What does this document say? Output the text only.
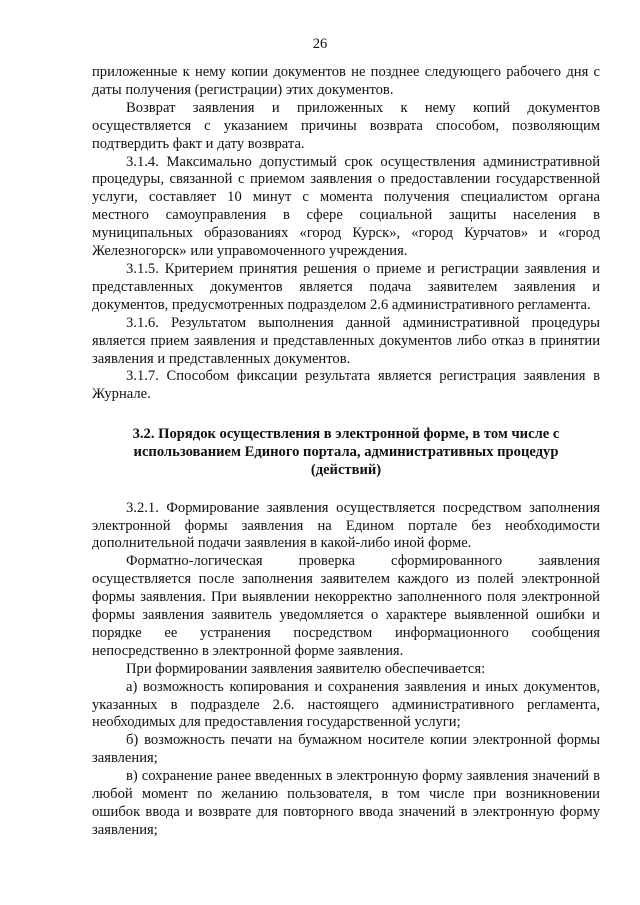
26

приложенные к нему копии документов не позднее следующего рабочего дня с даты получения (регистрации) этих документов.

Возврат заявления и приложенных к нему копий документов осуществляется с указанием причины возврата способом, позволяющим подтвердить факт и дату возврата.

3.1.4. Максимально допустимый срок осуществления административной процедуры, связанной с приемом заявления о предоставлении государственной услуги, составляет 10 минут с момента получения специалистом органа местного самоуправления в сфере социальной защиты населения в муниципальных образованиях «город Курск», «город Курчатов» и «город Железногорск» или управомоченного учреждения.

3.1.5. Критерием принятия решения о приеме и регистрации заявления и представленных документов является подача заявителем заявления и документов, предусмотренных подразделом 2.6 административного регламента.

3.1.6. Результатом выполнения данной административной процедуры является прием заявления и представленных документов либо отказ в принятии заявления и представленных документов.

3.1.7. Способом фиксации результата является регистрация заявления в Журнале.

3.2. Порядок осуществления в электронной форме, в том числе с использованием Единого портала, административных процедур (действий)

3.2.1. Формирование заявления осуществляется посредством заполнения электронной формы заявления на Едином портале без необходимости дополнительной подачи заявления в какой-либо иной форме.

Форматно-логическая проверка сформированного заявления осуществляется после заполнения заявителем каждого из полей электронной формы заявления. При выявлении некорректно заполненного поля электронной формы заявления заявитель уведомляется о характере выявленной ошибки и порядке ее устранения посредством информационного сообщения непосредственно в электронной форме заявления.

При формировании заявления заявителю обеспечивается:

а) возможность копирования и сохранения заявления и иных документов, указанных в подразделе 2.6. настоящего административного регламента, необходимых для предоставления государственной услуги;

б) возможность печати на бумажном носителе копии электронной формы заявления;

в) сохранение ранее введенных в электронную форму заявления значений в любой момент по желанию пользователя, в том числе при возникновении ошибок ввода и возврате для повторного ввода значений в электронную форму заявления;
